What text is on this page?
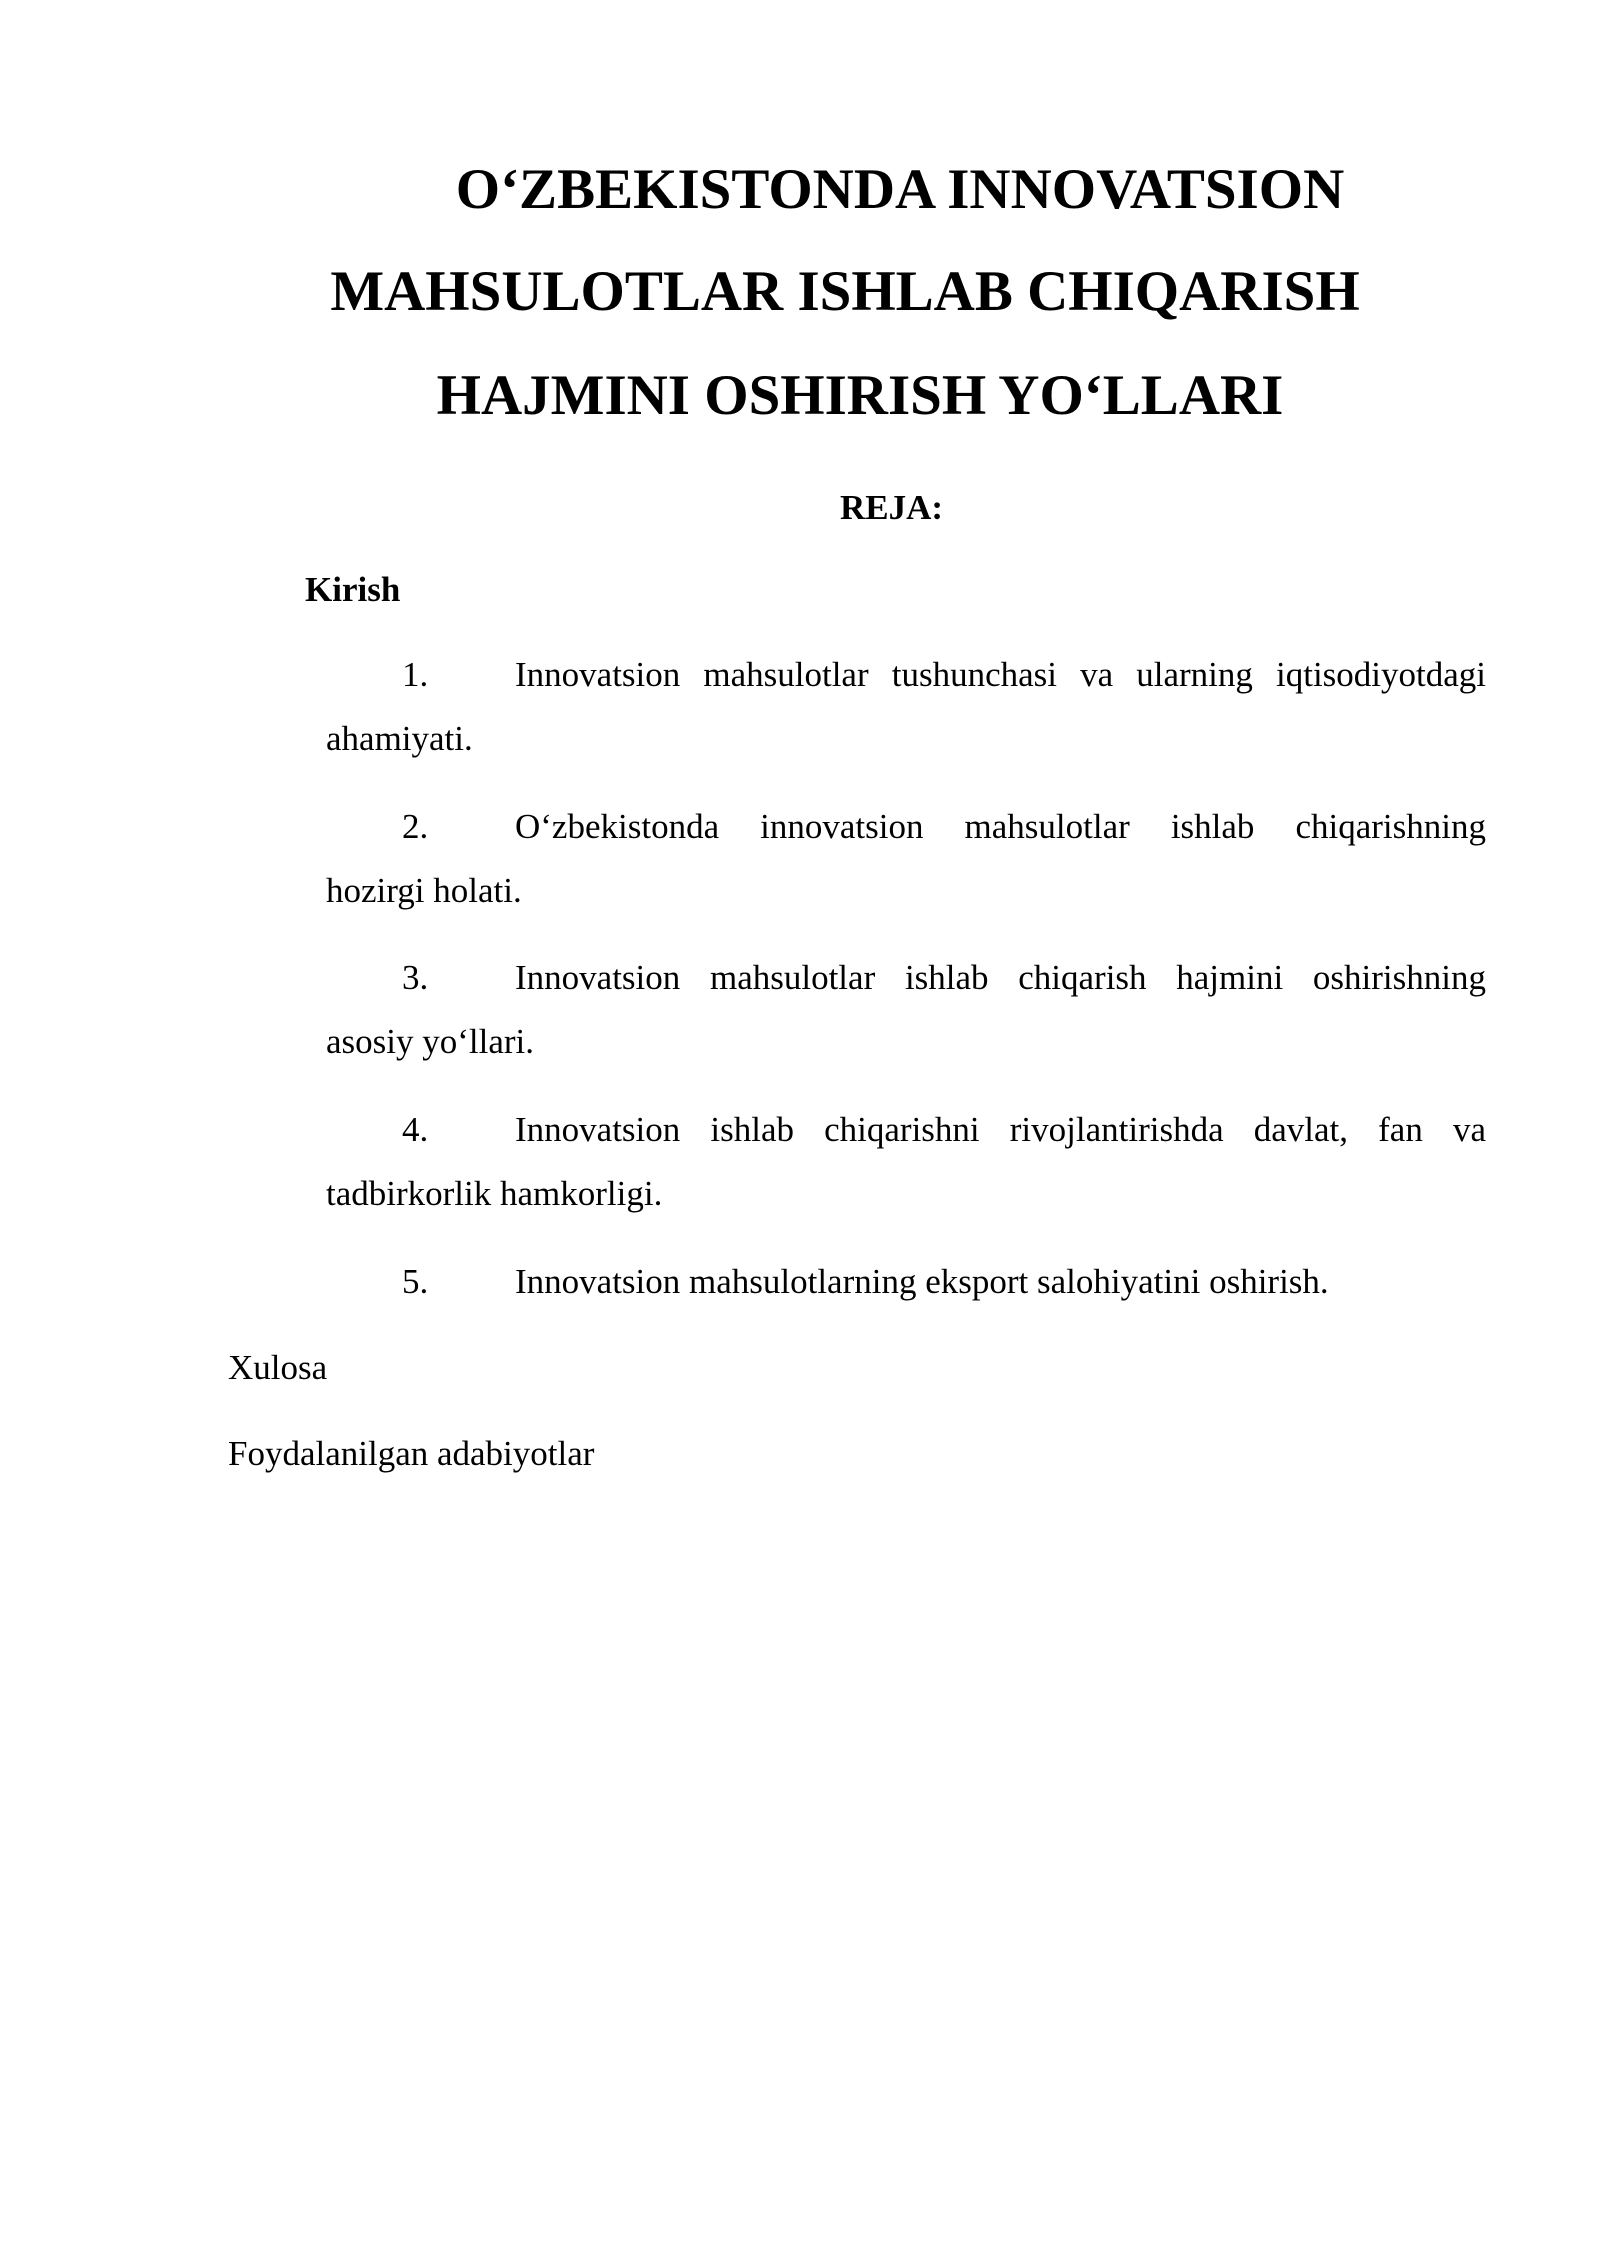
O‘ZBEKISTONDA INNOVATSION
MAHSULOTLAR ISHLAB CHIQARISH
HAJMINI OSHIRISH YO‘LLARI
REJA:
Kirish
1. Innovatsion mahsulotlar tushunchasi va ularning iqtisodiyotdagi
ahamiyati.
2. O‘zbekistonda innovatsion mahsulotlar ishlab chiqarishning
hozirgi holati.
3. Innovatsion mahsulotlar ishlab chiqarish hajmini oshirishning
asosiy yo‘llari.
4. Innovatsion ishlab chiqarishni rivojlantirishda davlat, fan va
tadbirkorlik hamkorligi.
5. Innovatsion mahsulotlarning eksport salohiyatini oshirish.
Xulosa
Foydalanilgan adabiyotlar
